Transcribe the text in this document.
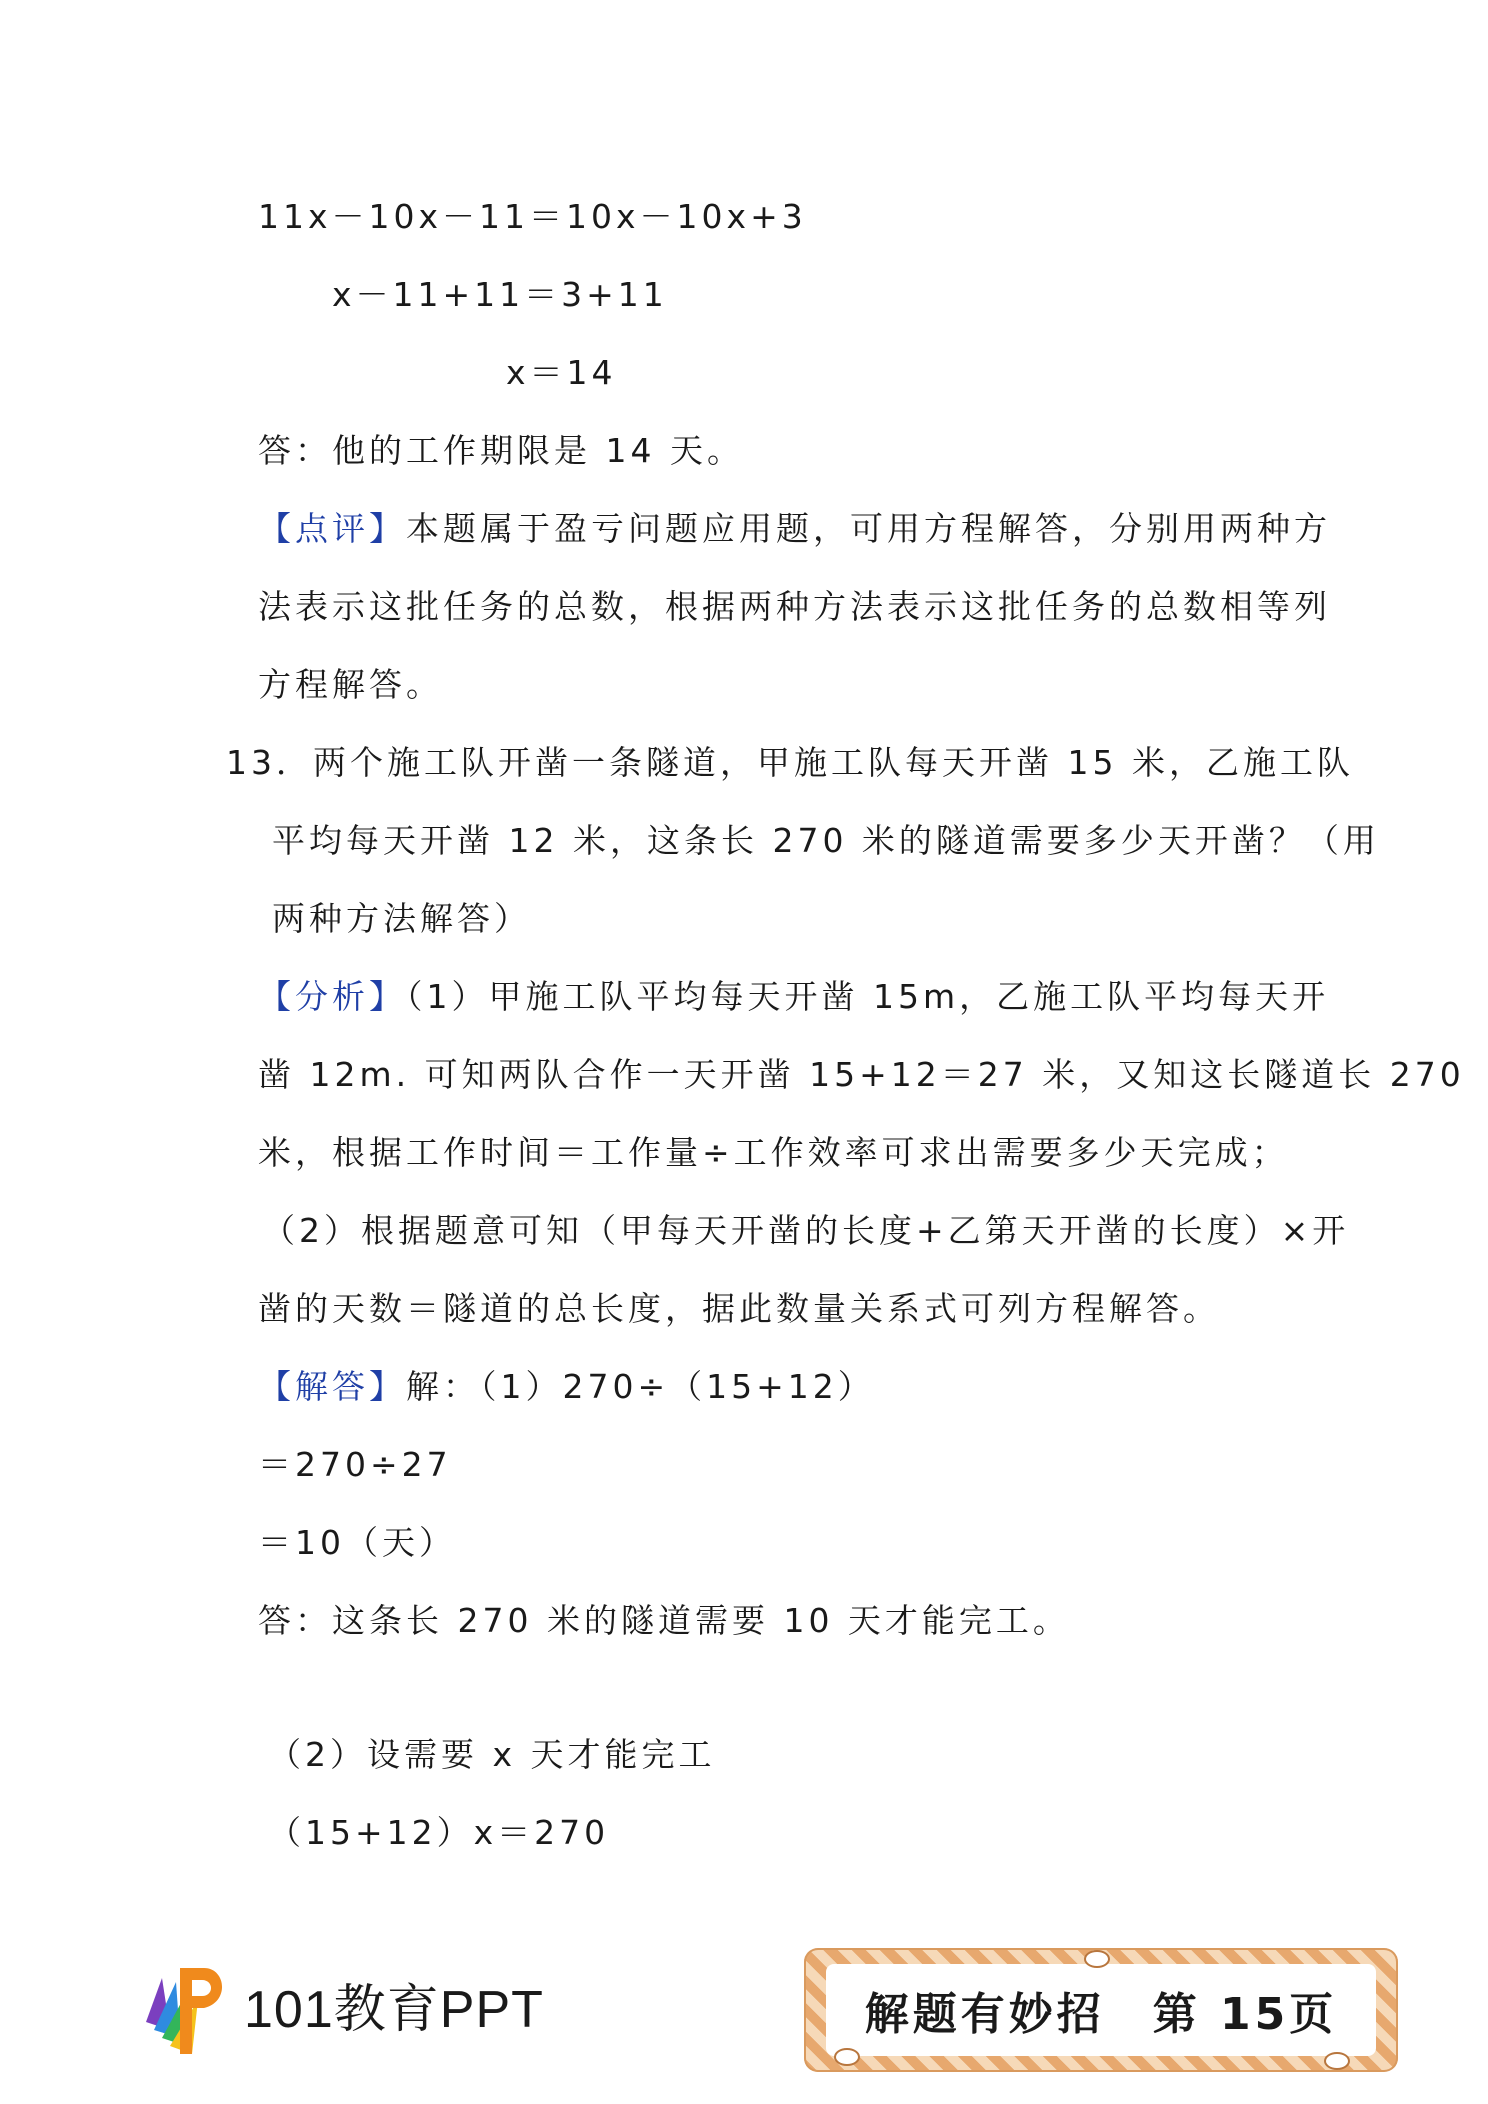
11x－10x－11＝10x－10x+3
x－11+11＝3+11
x＝14
答：他的工作期限是 14 天。
【点评】本题属于盈亏问题应用题，可用方程解答，分别用两种方
法表示这批任务的总数，根据两种方法表示这批任务的总数相等列
方程解答。
13．两个施工队开凿一条隧道，甲施工队每天开凿 15 米，乙施工队
平均每天开凿 12 米，这条长 270 米的隧道需要多少天开凿？（用
两种方法解答）
【分析】（1）甲施工队平均每天开凿 15m，乙施工队平均每天开
凿 12m. 可知两队合作一天开凿 15+12＝27 米，又知这长隧道长 270
米，根据工作时间＝工作量÷工作效率可求出需要多少天完成；
（2）根据题意可知（甲每天开凿的长度+乙第天开凿的长度）×开
凿的天数＝隧道的总长度，据此数量关系式可列方程解答。
【解答】解：（1）270÷（15+12）
＝270÷27
＝10（天）
答：这条长 270 米的隧道需要 10 天才能完工。
（2）设需要 x 天才能完工
（15+12）x＝270
101教育PPT	解题有妙招　第 15页
